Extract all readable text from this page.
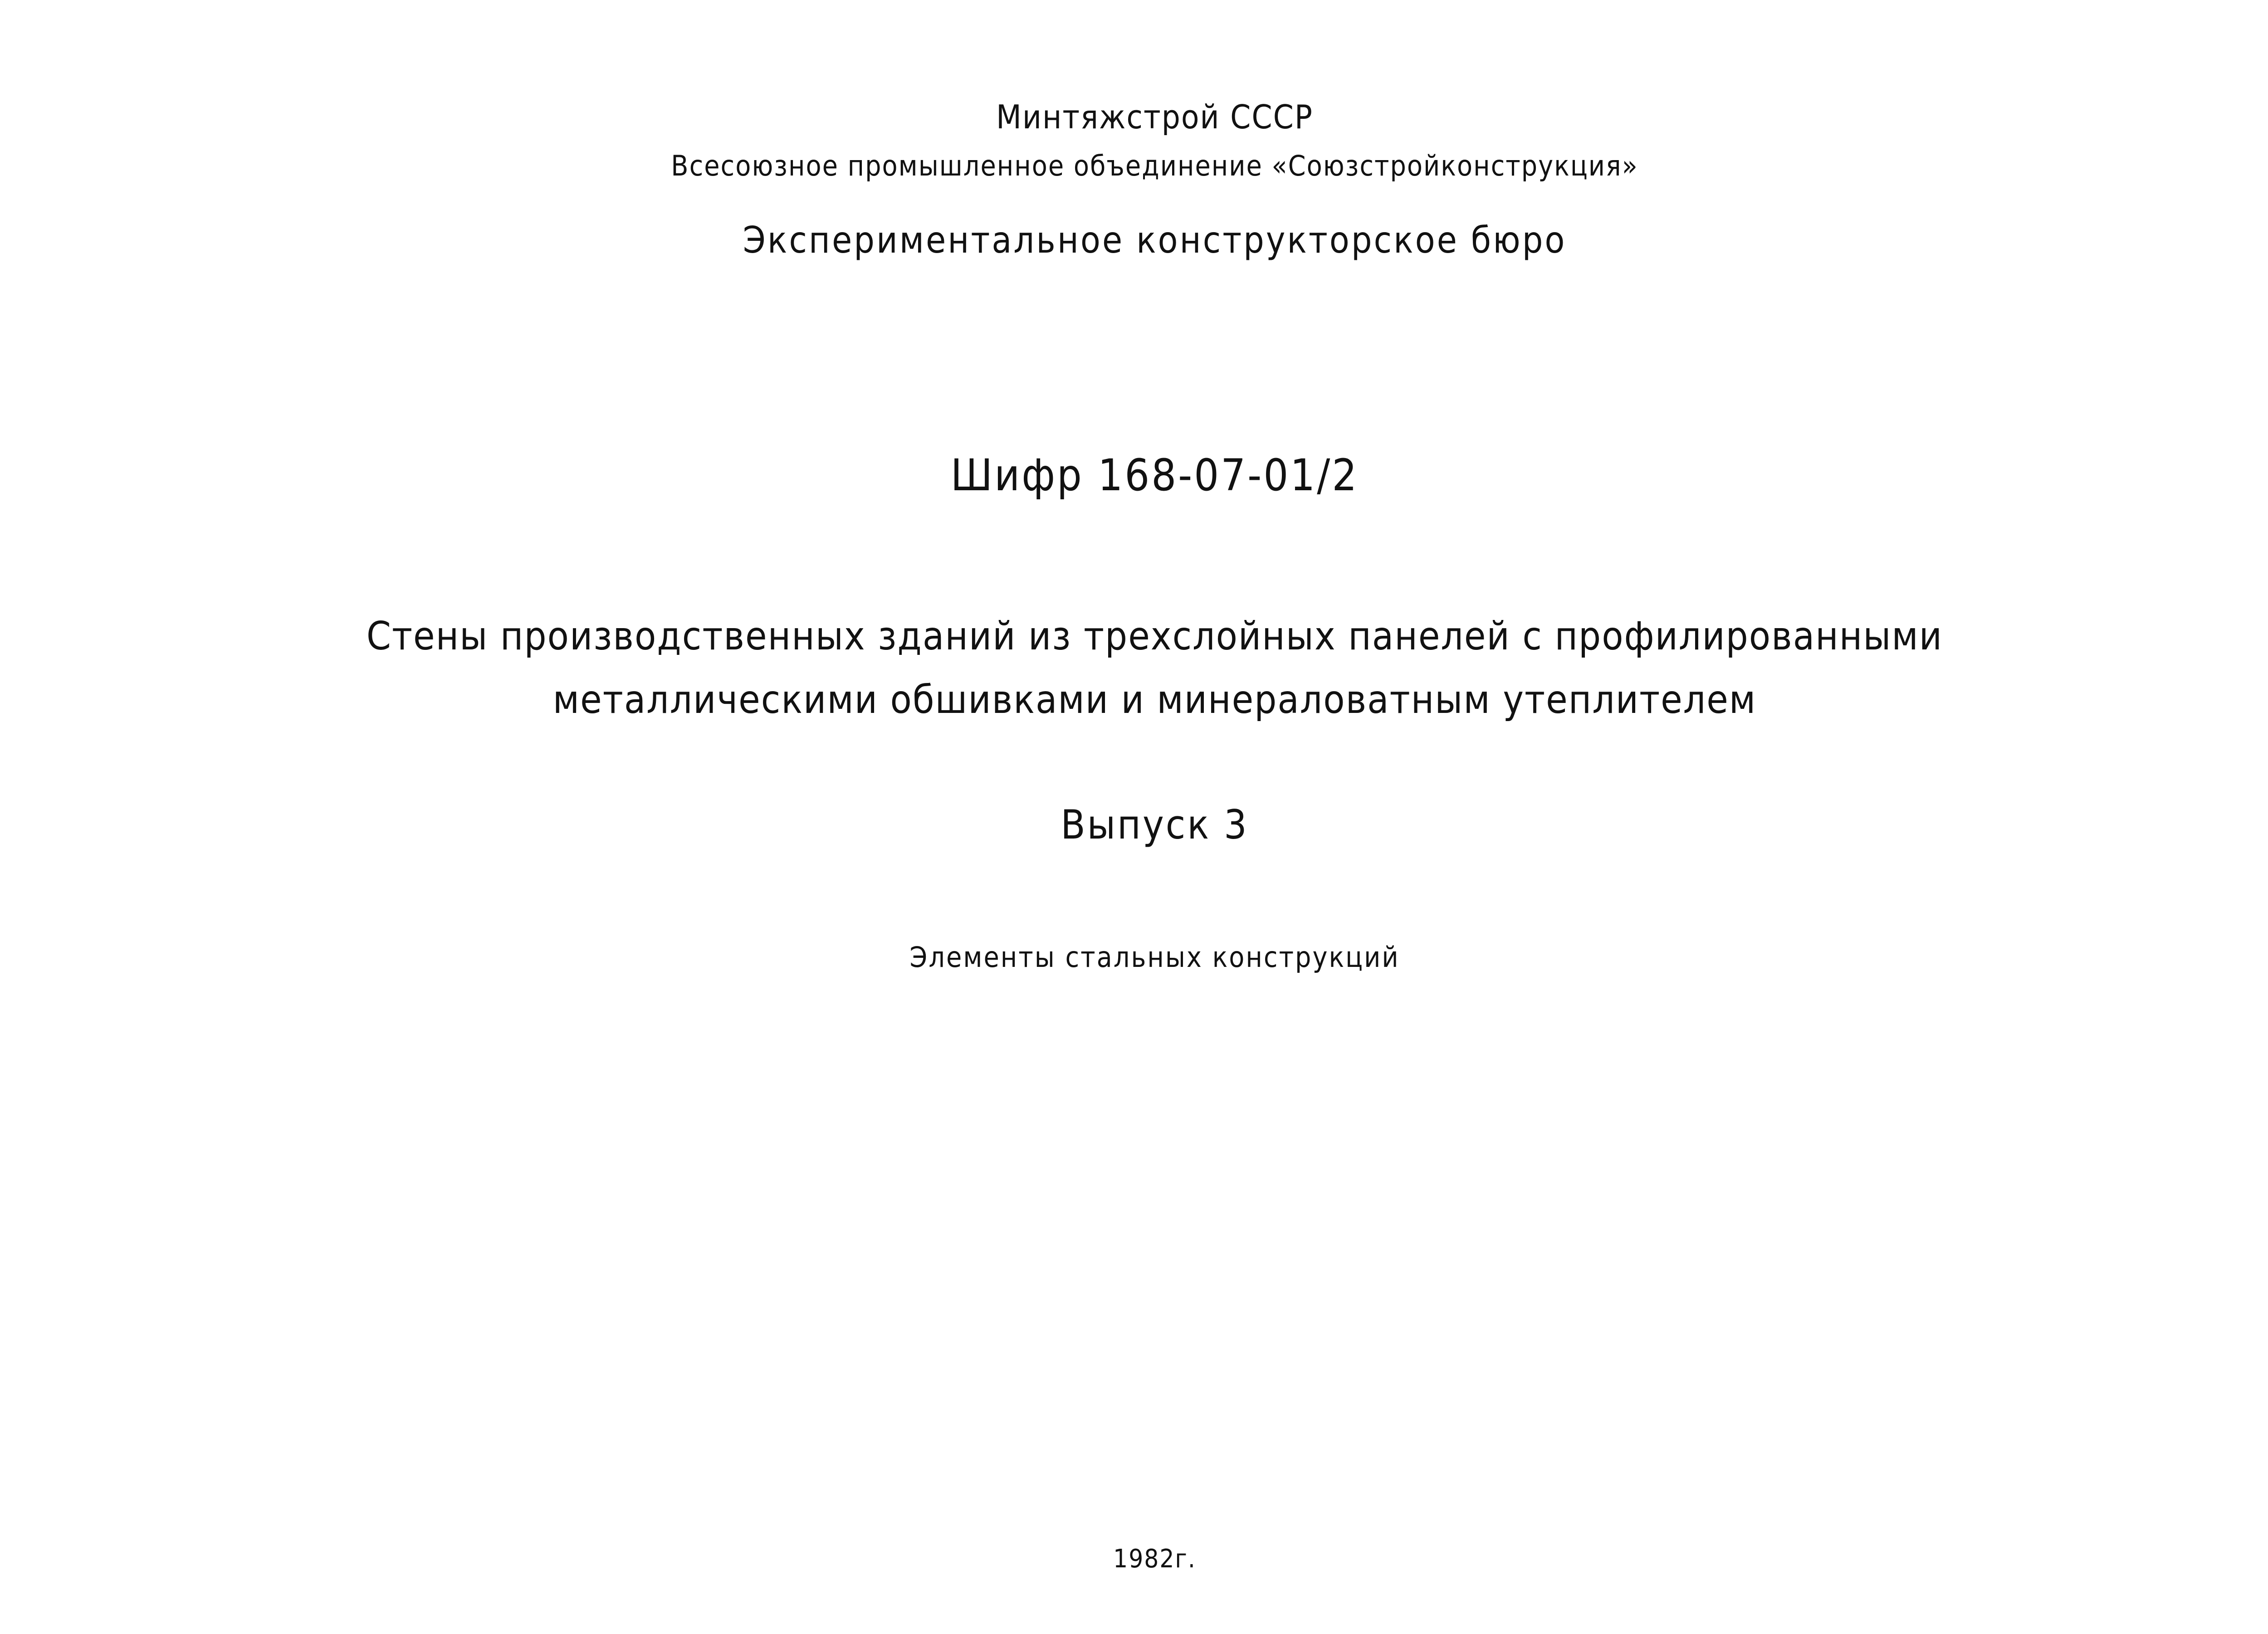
Минтяжстрой СССР
Всесоюзное промышленное объединение «Союзстройконструкция»
Экспериментальное конструкторское бюро
Шифр 168-07-01/2
Стены производственных зданий из трехслойных панелей с профилированными
металлическими обшивками и минераловатным утеплителем
Выпуск 3
Элементы стальных конструкций
1982г.
